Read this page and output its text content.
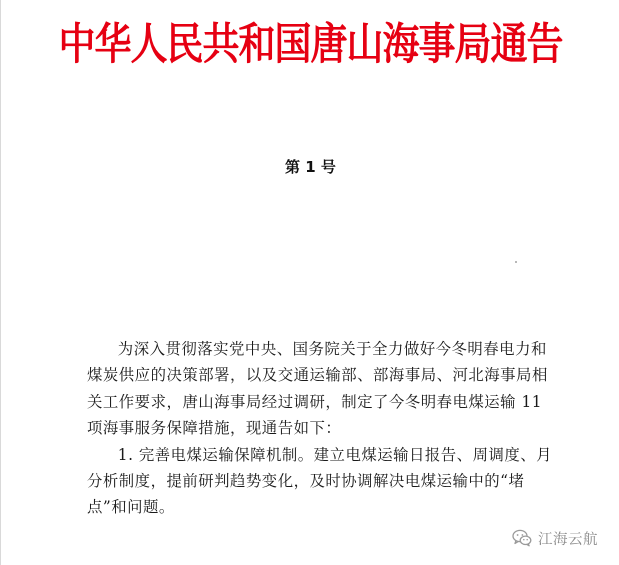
中华人民共和国唐山海事局通告
第 1 号

为深入贯彻落实党中央、国务院关于全力做好今冬明春电力和煤炭供应的决策部署，以及交通运输部、部海事局、河北海事局相关工作要求，唐山海事局经过调研，制定了今冬明春电煤运输 11 项海事服务保障措施，现通告如下：

1. 完善电煤运输保障机制。建立电煤运输日报告、周调度、月分析制度，提前研判趋势变化，及时协调解决电煤运输中的“堵点”和问题。

江海云航
